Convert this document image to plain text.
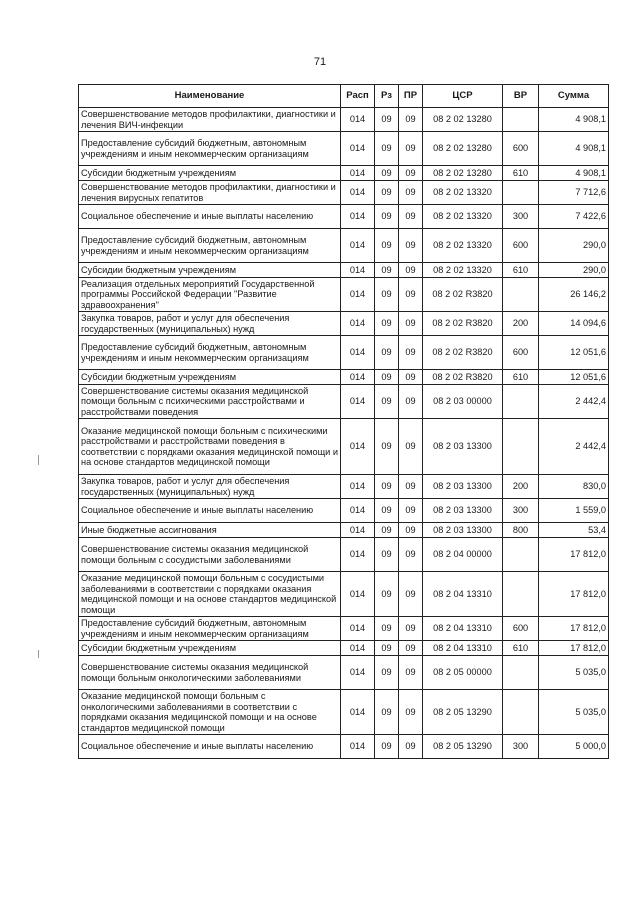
71
Наименование	Расп	Рз	ПР	ЦСР	ВР	Сумма
Совершенствование методов профилактики, диагностики и лечения ВИЧ-инфекции	014	09	09	08 2 02 13280		4 908,1
Предоставление субсидий бюджетным, автономным учреждениям и иным некоммерческим организациям	014	09	09	08 2 02 13280	600	4 908,1
Субсидии бюджетным учреждениям	014	09	09	08 2 02 13280	610	4 908,1
Совершенствование методов профилактики, диагностики и лечения вирусных гепатитов	014	09	09	08 2 02 13320		7 712,6
Социальное обеспечение и иные выплаты населению	014	09	09	08 2 02 13320	300	7 422,6
Предоставление субсидий бюджетным, автономным учреждениям и иным некоммерческим организациям	014	09	09	08 2 02 13320	600	290,0
Субсидии бюджетным учреждениям	014	09	09	08 2 02 13320	610	290,0
Реализация отдельных мероприятий Государственной программы Российской Федерации "Развитие здравоохранения"	014	09	09	08 2 02 R3820		26 146,2
Закупка товаров, работ и услуг для обеспечения государственных (муниципальных) нужд	014	09	09	08 2 02 R3820	200	14 094,6
Предоставление субсидий бюджетным, автономным учреждениям и иным некоммерческим организациям	014	09	09	08 2 02 R3820	600	12 051,6
Субсидии бюджетным учреждениям	014	09	09	08 2 02 R3820	610	12 051,6
Совершенствование системы оказания медицинской помощи больным с психическими расстройствами и расстройствами поведения	014	09	09	08 2 03 00000		2 442,4
Оказание медицинской помощи больным с психическими расстройствами и расстройствами поведения в соответствии с порядками оказания медицинской помощи и на основе стандартов медицинской помощи	014	09	09	08 2 03 13300		2 442,4
Закупка товаров, работ и услуг для обеспечения государственных (муниципальных) нужд	014	09	09	08 2 03 13300	200	830,0
Социальное обеспечение и иные выплаты населению	014	09	09	08 2 03 13300	300	1 559,0
Иные бюджетные ассигнования	014	09	09	08 2 03 13300	800	53,4
Совершенствование системы оказания медицинской помощи больным с сосудистыми заболеваниями	014	09	09	08 2 04 00000		17 812,0
Оказание медицинской помощи больным с сосудистыми заболеваниями в соответствии с порядками оказания медицинской помощи и на основе стандартов медицинской помощи	014	09	09	08 2 04 13310		17 812,0
Предоставление субсидий бюджетным, автономным учреждениям и иным некоммерческим организациям	014	09	09	08 2 04 13310	600	17 812,0
Субсидии бюджетным учреждениям	014	09	09	08 2 04 13310	610	17 812,0
Совершенствование системы оказания медицинской помощи больным онкологическими заболеваниями	014	09	09	08 2 05 00000		5 035,0
Оказание медицинской помощи больным с онкологическими заболеваниями в соответствии с порядками оказания медицинской помощи и на основе стандартов медицинской помощи	014	09	09	08 2 05 13290		5 035,0
Социальное обеспечение и иные выплаты населению	014	09	09	08 2 05 13290	300	5 000,0
